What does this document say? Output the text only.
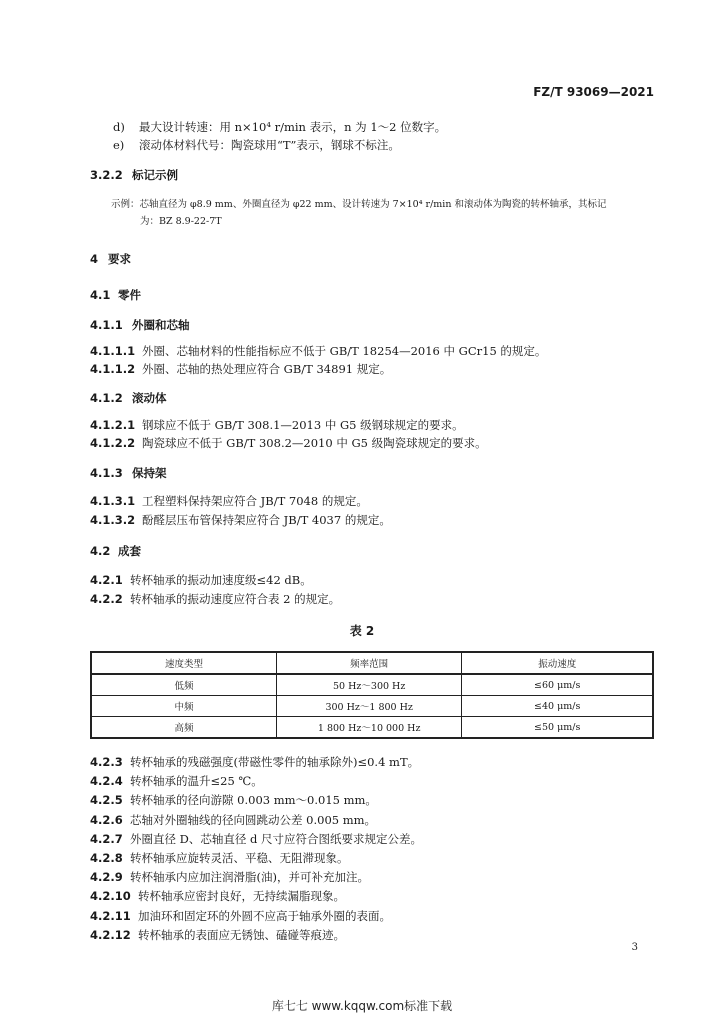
FZ/T 93069—2021
d) 最大设计转速：用 n×10⁴ r/min 表示，n 为 1～2 位数字。
e) 滚动体材料代号：陶瓷球用“T”表示，钢球不标注。
3.2.2 标记示例
示例：芯轴直径为 φ8.9 mm、外圈直径为 φ22 mm、设计转速为 7×10⁴ r/min 和滚动体为陶瓷的转杯轴承，其标记
为：BZ 8.9-22-7T
4 要求
4.1 零件
4.1.1 外圈和芯轴
4.1.1.1 外圈、芯轴材料的性能指标应不低于 GB/T 18254—2016 中 GCr15 的规定。
4.1.1.2 外圈、芯轴的热处理应符合 GB/T 34891 规定。
4.1.2 滚动体
4.1.2.1 钢球应不低于 GB/T 308.1—2013 中 G5 级钢球规定的要求。
4.1.2.2 陶瓷球应不低于 GB/T 308.2—2010 中 G5 级陶瓷球规定的要求。
4.1.3 保持架
4.1.3.1 工程塑料保持架应符合 JB/T 7048 的规定。
4.1.3.2 酚醛层压布管保持架应符合 JB/T 4037 的规定。
4.2 成套
4.2.1 转杯轴承的振动加速度级≤42 dB。
4.2.2 转杯轴承的振动速度应符合表 2 的规定。
表 2
速度类型	频率范围	振动速度
低频	50 Hz～300 Hz	≤60 μm/s
中频	300 Hz～1 800 Hz	≤40 μm/s
高频	1 800 Hz～10 000 Hz	≤50 μm/s
4.2.3 转杯轴承的残磁强度(带磁性零件的轴承除外)≤0.4 mT。
4.2.4 转杯轴承的温升≤25 ℃。
4.2.5 转杯轴承的径向游隙 0.003 mm～0.015 mm。
4.2.6 芯轴对外圈轴线的径向圆跳动公差 0.005 mm。
4.2.7 外圈直径 D、芯轴直径 d 尺寸应符合图纸要求规定公差。
4.2.8 转杯轴承应旋转灵活、平稳、无阻滞现象。
4.2.9 转杯轴承内应加注润滑脂(油)，并可补充加注。
4.2.10 转杯轴承应密封良好，无持续漏脂现象。
4.2.11 加油环和固定环的外圆不应高于轴承外圈的表面。
4.2.12 转杯轴承的表面应无锈蚀、磕碰等痕迹。
3
库七七 www.kqqw.com标准下载
